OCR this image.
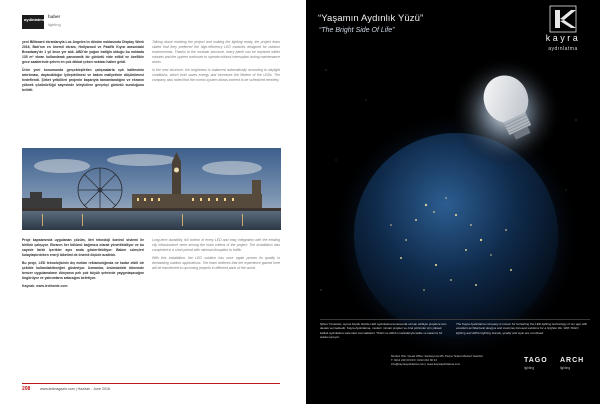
aydinlatma
haber
lighting

yeni Billboard ekranlarıyla Los Angeles’ın dönüm noktasında Display Week 2016, Batı’nın en önemli ekranı, Hollywood ve Pasifik Kıyısı arasındaki Broadway’de 1 yıl önce yer aldı. ABD’de yoğun trafiğin olduğu bu noktada 135 m² ekran kullanılarak panoramik bir görüntü elde edildi ve özellikle gece saatlerinde şehrin en çok dikkat çeken noktası haline geldi.

Ürün yeni konumunda gerçekleştirilen çalışmalarla ışık kalitesinin artırılması, dayanıklılığın iyileştirilmesi ve bakım maliyetinin düşürülmesi hedeflendi. Şirket yetkilileri projenin başarıyla tamamlandığını ve ekranın yüksek çözünürlüğü sayesinde izleyicilere gerçekçi görüntü sunduğunu belirtti.

Talking about realizing the project and making the lighting ready, the project team stated that they preferred the high-efficiency LED modules designed for outdoor environments. Thanks to the modular structure, every panel can be replaced within minutes and the system continues to operate without interruption during maintenance works.

In the new structure, the brightness is balanced automatically according to daylight conditions, which both saves energy and increases the lifetime of the LEDs. The company also noted that the control system allows content to be scheduled remotely.

Proje kapsamında uygulanan çözüm, ileri teknoloji kontrol sistemi ile birlikte çalışıyor. Ekranın her bölümü bağımsız olarak yönetilebiliyor ve bu sayede farklı içerikler aynı anda gösterilebiliyor. Bakım süreçleri kolaylaştırılırken enerji tüketimi de önemli ölçüde azaltıldı.

Bu proje, LED teknolojisinin dış mekân reklamcılığında ne kadar etkili bir şekilde kullanılabileceğini gösteriyor. Uzmanlar, önümüzdeki dönemde benzer uygulamaların dünyanın pek çok büyük şehrinde yaygınlaşacağını öngörüyor ve yatırımların artacağını belirtiyor.

Kaynak: www.ledinside.com

Long-term durability, full control of every LED and easy integration with the existing city infrastructure were among the main criteria of the project. The installation was completed in a short period with minimal disruption to traffic.

With this installation, the LED solution has once again proven its quality in demanding outdoor applications. The team believes that the experience gained here will be transferred to upcoming projects in different parts of the world.

208	www.ledmagazin.com | Haziran - June 2016
“Yaşamın Aydınlık Yüzü”
“The Bright Side Of Life”
kayra
aydınlatma
Şirket Yöneticisi, ayrıca büyük ölçüde LED aydınlatma konusunda uzman ekibiyle projelere tam destek vermektedir. Kayra Aydınlatma, modern mimari projeler ve özel çözümler için yüksek kaliteli aydınlatma sistemleri sunmaktadır. TAGO ve ARCH markalarıyla kalite ve tasarımı bir arada sunuyor.
The Kayra Aydınlatma company is known for furnishing the LED lighting technology of our age with excellent architectural designs and customer-focused solutions for a brighter life. With TAGO lighting and ARCH lighting brands, quality and style are combined.
Merkez Ofis / Head Office: Sarıkayrına Mh. Perpa Ticaret Merkezi İstanbul
T: 0212 210 00 00 F: 0212 210 00 01
info@kayraaydinlatma.com | www.kayraaydinlatma.com	TAGO
lighting
ARCH
lighting
